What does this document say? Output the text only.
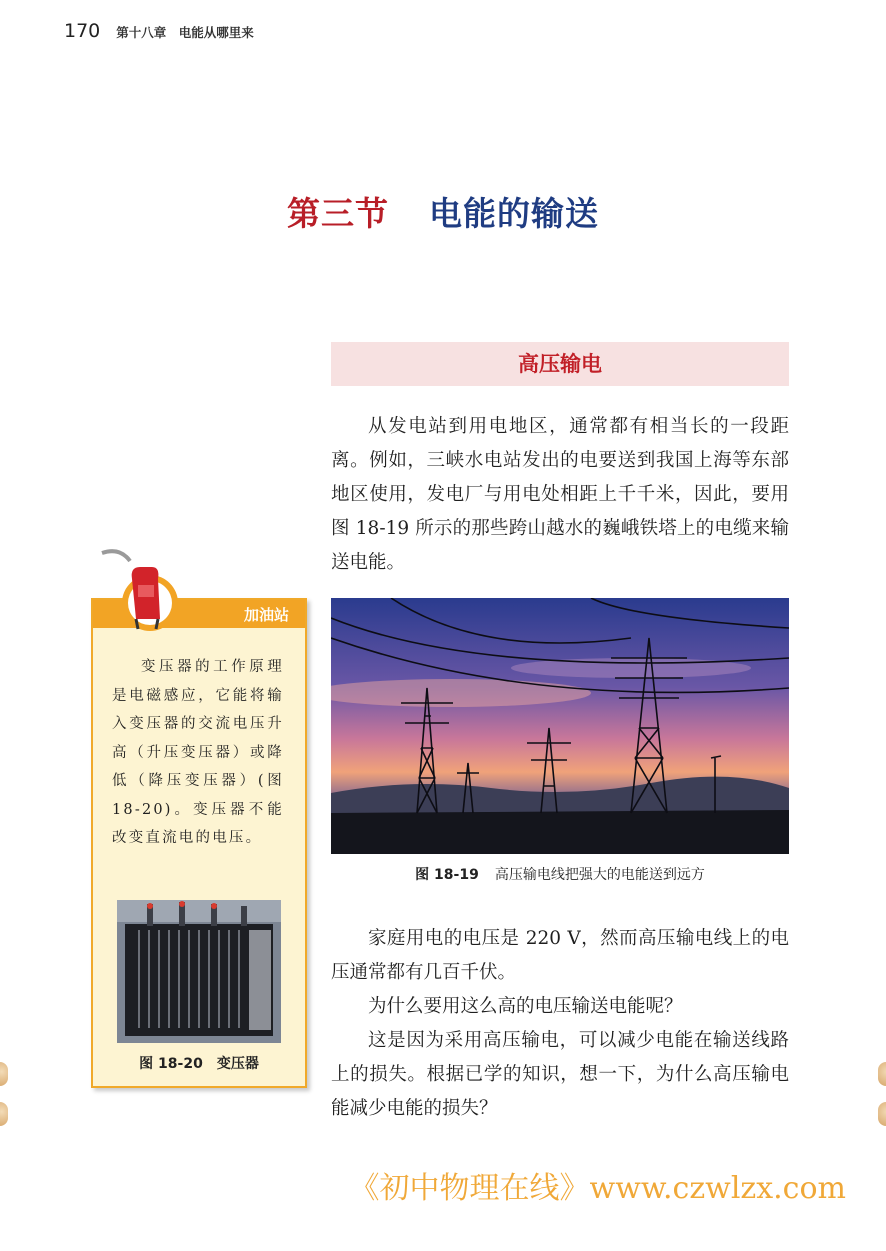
170 第十八章　电能从哪里来
第三节 电能的输送
高压输电

从发电站到用电地区，通常都有相当长的一段距离。例如，三峡水电站发出的电要送到我国上海等东部地区使用，发电厂与用电处相距上千千米，因此，要用图 18-19 所示的那些跨山越水的巍峨铁塔上的电缆来输送电能。

图 18-19 高压输电线把强大的电能送到远方

家庭用电的电压是 220 V，然而高压输电线上的电压通常都有几百千伏。

为什么要用这么高的电压输送电能呢？

这是因为采用高压输电，可以减少电能在输送线路上的损失。根据已学的知识，想一下，为什么高压输电能减少电能的损失？

加油站

变压器的工作原理是电磁感应，它能将输入变压器的交流电压升高（升压变压器）或降低（降压变压器）(图 18-20)。变压器不能改变直流电的电压。

图 18-20 变压器
《初中物理在线》www.czwlzx.com
